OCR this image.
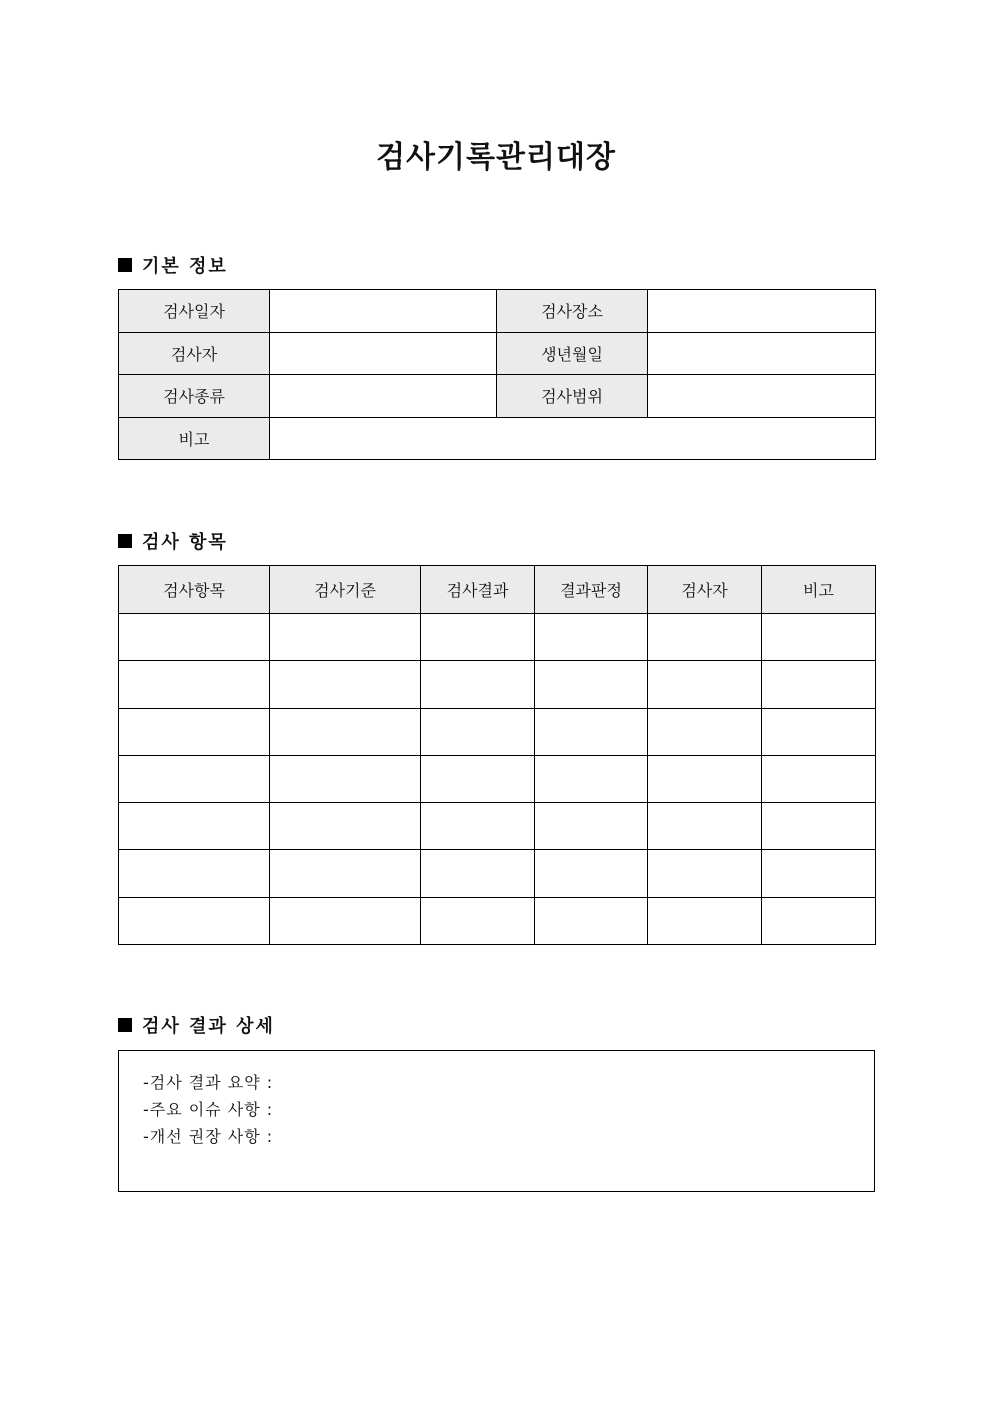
검사기록관리대장
기본 정보
검사일자		검사장소	
검사자		생년월일	
검사종류		검사범위	
비고			
검사 항목
검사항목	검사기준	검사결과	결과판정	검사자	비고

검사 결과 상세
-검사 결과 요약 :
-주요 이슈 사항 :
-개선 권장 사항 :
